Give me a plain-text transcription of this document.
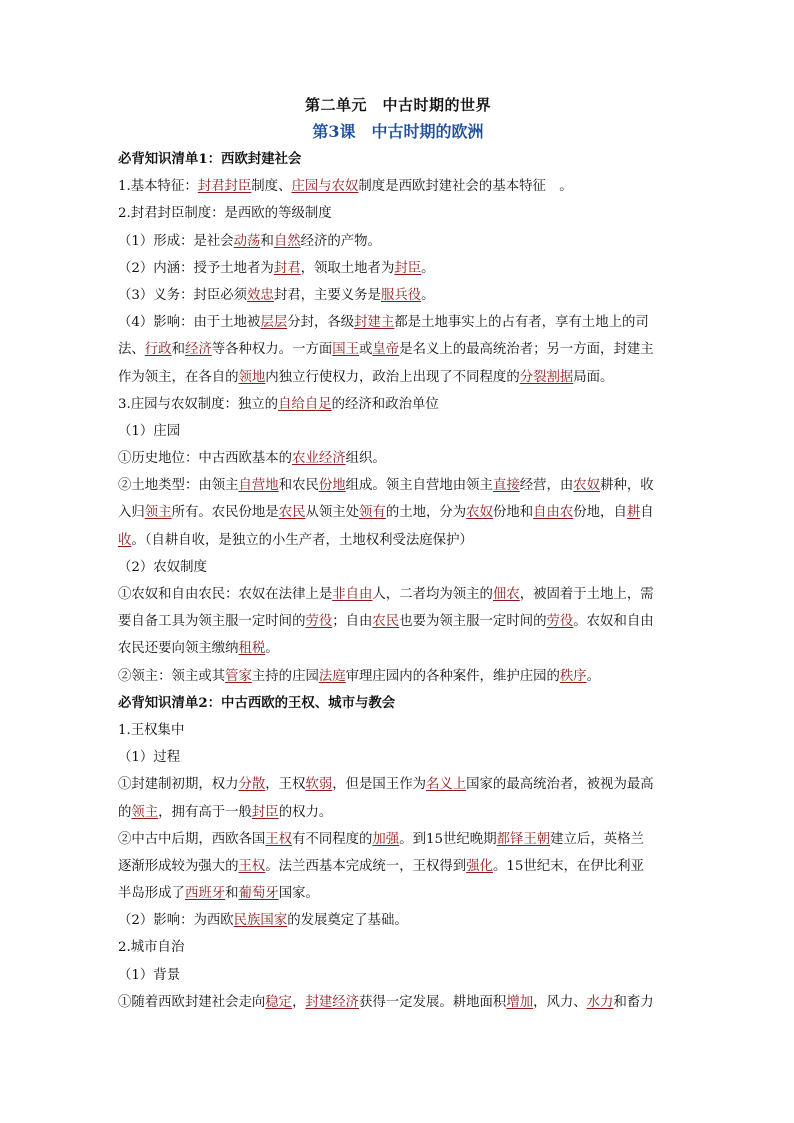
第二单元　中古时期的世界
第3课　中古时期的欧洲
必背知识清单1：西欧封建社会
1.基本特征：封君封臣制度、庄园与农奴制度是西欧封建社会的基本特征　。
2.封君封臣制度：是西欧的等级制度
（1）形成：是社会动荡和自然经济的产物。
（2）内涵：授予土地者为封君，领取土地者为封臣。
（3）义务：封臣必须效忠封君，主要义务是服兵役。
（4）影响：由于土地被层层分封，各级封建主都是土地事实上的占有者，享有土地上的司
法、行政和经济等各种权力。一方面国王或皇帝是名义上的最高统治者；另一方面，封建主
作为领主，在各自的领地内独立行使权力，政治上出现了不同程度的分裂割据局面。
3.庄园与农奴制度：独立的自给自足的经济和政治单位
（1）庄园
①历史地位：中古西欧基本的农业经济组织。
②土地类型：由领主自营地和农民份地组成。领主自营地由领主直接经营，由农奴耕种，收
入归领主所有。农民份地是农民从领主处领有的土地，分为农奴份地和自由农份地，自耕自
收。（自耕自收，是独立的小生产者，土地权利受法庭保护）
（2）农奴制度
①农奴和自由农民：农奴在法律上是非自由人，二者均为领主的佃农，被固着于土地上，需
要自备工具为领主服一定时间的劳役；自由农民也要为领主服一定时间的劳役。农奴和自由
农民还要向领主缴纳租税。
②领主：领主或其管家主持的庄园法庭审理庄园内的各种案件，维护庄园的秩序。
必背知识清单2：中古西欧的王权、城市与教会
1.王权集中
（1）过程
①封建制初期，权力分散，王权软弱，但是国王作为名义上国家的最高统治者，被视为最高
的领主，拥有高于一般封臣的权力。
②中古中后期，西欧各国王权有不同程度的加强。到15世纪晚期都铎王朝建立后，英格兰
逐渐形成较为强大的王权。法兰西基本完成统一，王权得到强化。15世纪末，在伊比利亚
半岛形成了西班牙和葡萄牙国家。
（2）影响：为西欧民族国家的发展奠定了基础。
2.城市自治
（1）背景
①随着西欧封建社会走向稳定，封建经济获得一定发展。耕地面积增加，风力、水力和畜力
